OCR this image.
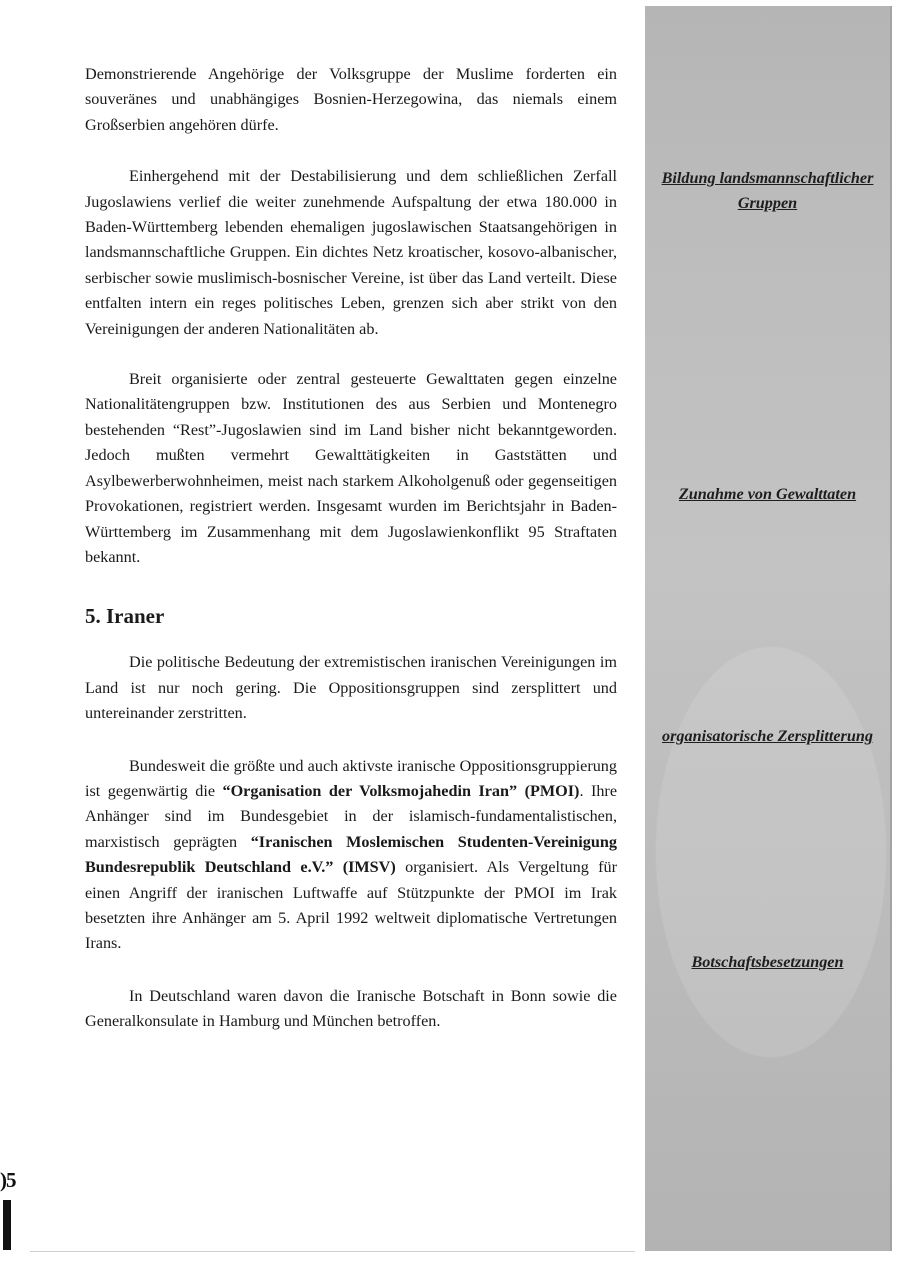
Demonstrierende Angehörige der Volksgruppe der Muslime forderten ein souveränes und unabhängiges Bosnien-Herzegowina, das niemals einem Großserbien angehören dürfe.

Einhergehend mit der Destabilisierung und dem schließlichen Zerfall Jugoslawiens verlief die weiter zunehmende Aufspaltung der etwa 180.000 in Baden-Württemberg lebenden ehemaligen jugoslawischen Staatsangehörigen in landsmannschaftliche Gruppen. Ein dichtes Netz kroatischer, kosovo-albanischer, serbischer sowie muslimisch-bosnischer Vereine, ist über das Land verteilt. Diese entfalten intern ein reges politisches Leben, grenzen sich aber strikt von den Vereinigungen der anderen Nationalitäten ab.

Breit organisierte oder zentral gesteuerte Gewalttaten gegen einzelne Nationalitätengruppen bzw. Institutionen des aus Serbien und Montenegro bestehenden “Rest”-Jugoslawien sind im Land bisher nicht bekanntgeworden. Jedoch mußten vermehrt Gewalttätigkeiten in Gaststätten und Asylbewerberwohnheimen, meist nach starkem Alkoholgenuß oder gegenseitigen Provokationen, registriert werden. Insgesamt wurden im Berichtsjahr in Baden-Württemberg im Zusammenhang mit dem Jugoslawienkonflikt 95 Straftaten bekannt.

5. Iraner

Die politische Bedeutung der extremistischen iranischen Vereinigungen im Land ist nur noch gering. Die Oppositionsgruppen sind zersplittert und untereinander zerstritten.

Bundesweit die größte und auch aktivste iranische Oppositionsgruppierung ist gegenwärtig die “Organisation der Volksmojahedin Iran” (PMOI). Ihre Anhänger sind im Bundesgebiet in der islamisch-fundamentalistischen, marxistisch geprägten “Iranischen Moslemischen Studenten-Vereinigung Bundesrepublik Deutschland e.V.” (IMSV) organisiert. Als Vergeltung für einen Angriff der iranischen Luftwaffe auf Stützpunkte der PMOI im Irak besetzten ihre Anhänger am 5. April 1992 weltweit diplomatische Vertretungen Irans.

In Deutschland waren davon die Iranische Botschaft in Bonn sowie die Generalkonsulate in Hamburg und München betroffen.

Bildung landsmannschaftlicher Gruppen

Zunahme von Gewalttaten

organisatorische Zersplitterung

Botschaftsbesetzungen

)5
